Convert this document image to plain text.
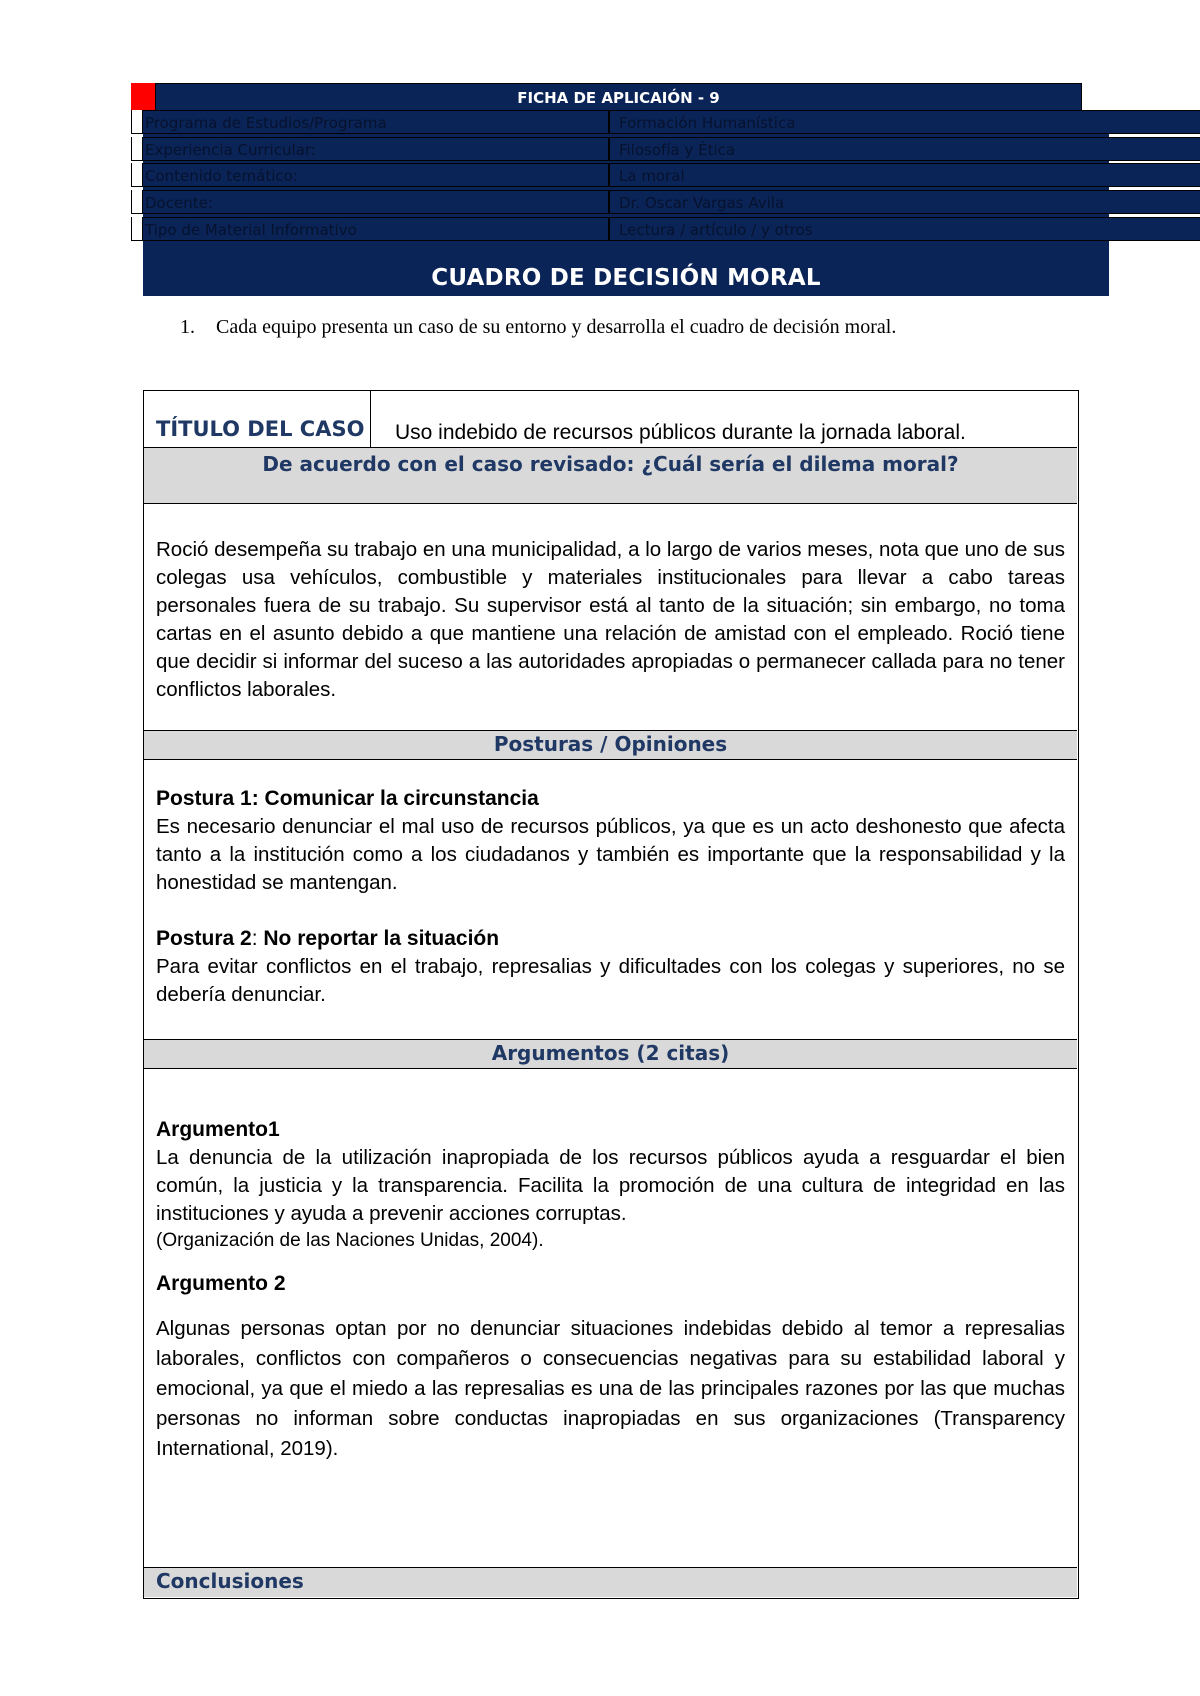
FICHA DE APLICAIÓN - 9
Programa de Estudios/Programa	Formación Humanística
Experiencia Curricular:	Filosofía y Ética
Contenido temático:	La moral
Docente:	Dr. Oscar Vargas Avila
Tipo de Material Informativo	Lectura / artículo / y otros
CUADRO DE DECISIÓN MORAL
1. Cada equipo presenta un caso de su entorno y desarrolla el cuadro de decisión moral.
TÍTULO DEL CASO Uso indebido de recursos públicos durante la jornada laboral.
De acuerdo con el caso revisado: ¿Cuál sería el dilema moral?
Roció desempeña su trabajo en una municipalidad, a lo largo de varios meses, nota que uno de sus colegas usa vehículos, combustible y materiales institucionales para llevar a cabo tareas personales fuera de su trabajo. Su supervisor está al tanto de la situación; sin embargo, no toma cartas en el asunto debido a que mantiene una relación de amistad con el empleado. Roció tiene que decidir si informar del suceso a las autoridades apropiadas o permanecer callada para no tener conflictos laborales.
Posturas / Opiniones
Postura 1: Comunicar la circunstancia
Es necesario denunciar el mal uso de recursos públicos, ya que es un acto deshonesto que afecta tanto a la institución como a los ciudadanos y también es importante que la responsabilidad y la honestidad se mantengan.
Postura 2: No reportar la situación
Para evitar conflictos en el trabajo, represalias y dificultades con los colegas y superiores, no se debería denunciar.
Argumentos (2 citas)
Argumento1
La denuncia de la utilización inapropiada de los recursos públicos ayuda a resguardar el bien común, la justicia y la transparencia. Facilita la promoción de una cultura de integridad en las instituciones y ayuda a prevenir acciones corruptas.
(Organización de las Naciones Unidas, 2004).
Argumento 2
Algunas personas optan por no denunciar situaciones indebidas debido al temor a represalias laborales, conflictos con compañeros o consecuencias negativas para su estabilidad laboral y emocional, ya que el miedo a las represalias es una de las principales razones por las que muchas personas no informan sobre conductas inapropiadas en sus organizaciones (Transparency International, 2019).
Conclusiones
